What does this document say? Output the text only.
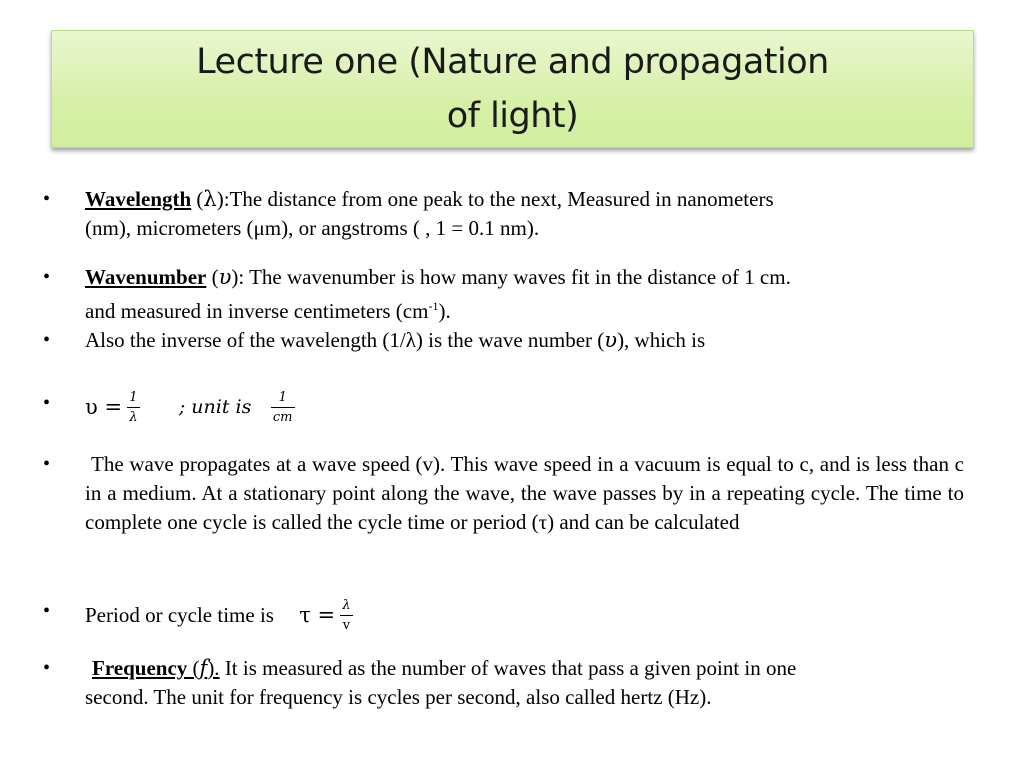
Lecture one (Nature and propagation
of light)
• Wavelength (λ):The distance from one peak to the next, Measured in nanometers
(nm), micrometers (μm), or angstroms ( , 1 = 0.1 nm).
• Wavenumber (υ): The wavenumber is how many waves fit in the distance of 1 cm.
and measured in inverse centimeters $(cm^{-1})$.
• Also the inverse of the wavelength (1/λ) is the wave number (υ), which is
• $\upsilon = \frac{1}{\lambda}$ ; unit is $\frac{1}{cm}$
• The wave propagates at a wave speed (v). This wave speed in a vacuum is equal to c, and is less than c in a medium. At a stationary point along the wave, the wave passes by in a repeating cycle. The time to complete one cycle is called the cycle time or period (τ) and can be calculated
• Period or cycle time is $\tau = \frac{\lambda}{v}$
•	Frequency (f). It is measured as the number of waves that pass a given point in one
second. The unit for frequency is cycles per second, also called hertz (Hz).
